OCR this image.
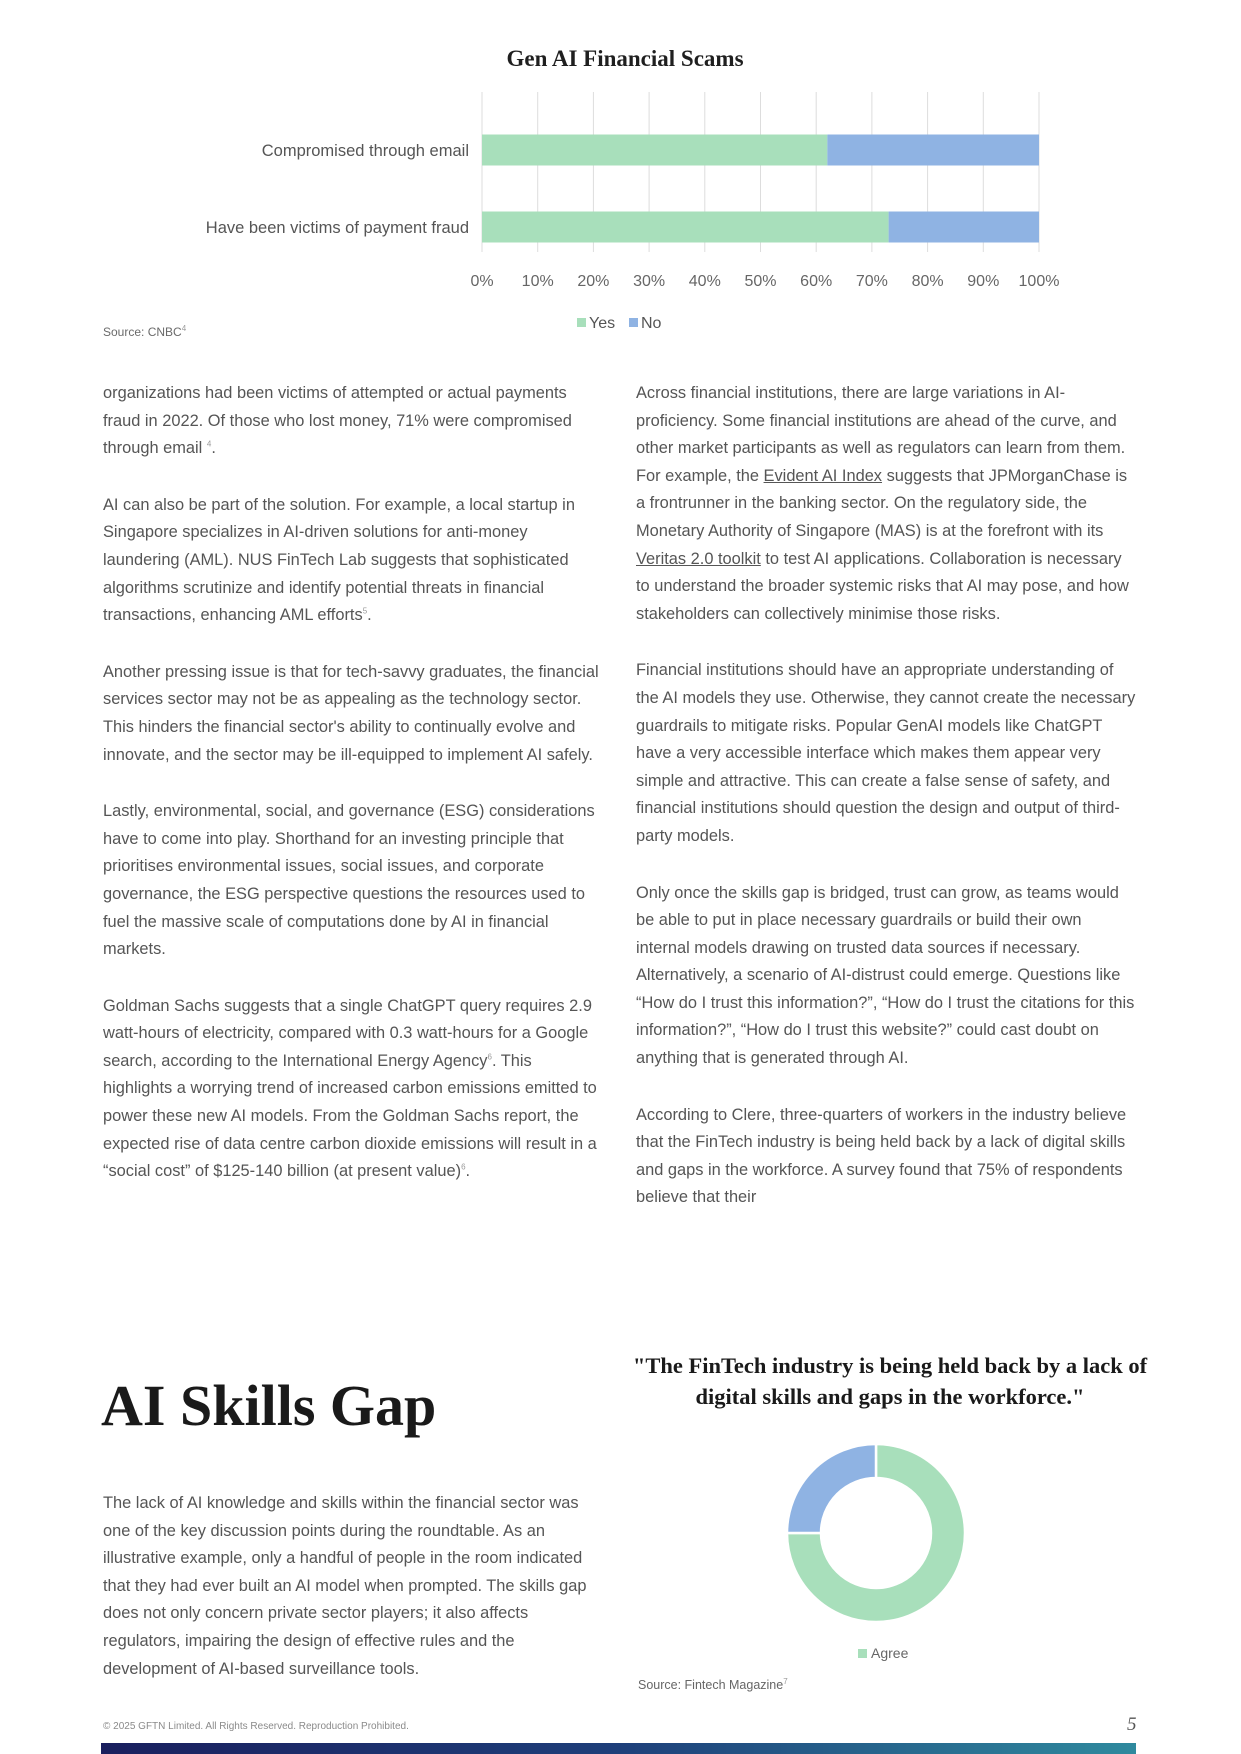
Gen AI Financial Scams
0% 10% 20% 30% 40% 50% 60% 70% 80% 90% 100%
Compromised through email
Have been victims of payment fraud
Yes No
Source: CNBC$^4$

organizations had been victims of attempted or actual payments fraud in 2022. Of those who lost money, 71% were compromised through email $^4$.

AI can also be part of the solution. For example, a local startup in Singapore specializes in AI-driven solutions for anti-money laundering (AML). NUS FinTech Lab suggests that sophisticated algorithms scrutinize and identify potential threats in financial transactions, enhancing AML efforts$^5$.

Another pressing issue is that for tech-savvy graduates, the financial services sector may not be as appealing as the technology sector. This hinders the financial sector's ability to continually evolve and innovate, and the sector may be ill-equipped to implement AI safely.

Lastly, environmental, social, and governance (ESG) considerations have to come into play. Shorthand for an investing principle that prioritises environmental issues, social issues, and corporate governance, the ESG perspective questions the resources used to fuel the massive scale of computations done by AI in financial markets.

Goldman Sachs suggests that a single ChatGPT query requires 2.9 watt-hours of electricity, compared with 0.3 watt-hours for a Google search, according to the International Energy Agency$^6$. This highlights a worrying trend of increased carbon emissions emitted to power these new AI models. From the Goldman Sachs report, the expected rise of data centre carbon dioxide emissions will result in a “social cost” of $125-140 billion (at present value)$^6$.

Across financial institutions, there are large variations in AI-proficiency. Some financial institutions are ahead of the curve, and other market participants as well as regulators can learn from them. For example, the Evident AI Index suggests that JPMorganChase is a frontrunner in the banking sector. On the regulatory side, the Monetary Authority of Singapore (MAS) is at the forefront with its Veritas 2.0 toolkit to test AI applications. Collaboration is necessary to understand the broader systemic risks that AI may pose, and how stakeholders can collectively minimise those risks.

Financial institutions should have an appropriate understanding of the AI models they use. Otherwise, they cannot create the necessary guardrails to mitigate risks. Popular GenAI models like ChatGPT have a very accessible interface which makes them appear very simple and attractive. This can create a false sense of safety, and financial institutions should question the design and output of third-party models.

Only once the skills gap is bridged, trust can grow, as teams would be able to put in place necessary guardrails or build their own internal models drawing on trusted data sources if necessary. Alternatively, a scenario of AI-distrust could emerge. Questions like “How do I trust this information?”, “How do I trust the citations for this information?”, “How do I trust this website?” could cast doubt on anything that is generated through AI.

According to Clere, three-quarters of workers in the industry believe that the FinTech industry is being held back by a lack of digital skills and gaps in the workforce. A survey found that 75% of respondents believe that their

AI Skills Gap

The lack of AI knowledge and skills within the financial sector was one of the key discussion points during the roundtable. As an illustrative example, only a handful of people in the room indicated that they had ever built an AI model when prompted. The skills gap does not only concern private sector players; it also affects regulators, impairing the design of effective rules and the development of AI-based surveillance tools.

"The FinTech industry is being held back by a lack of digital skills and gaps in the workforce."

Agree
Source: Fintech Magazine$^7$
© 2025 GFTN Limited. All Rights Reserved. Reproduction Prohibited.	5
